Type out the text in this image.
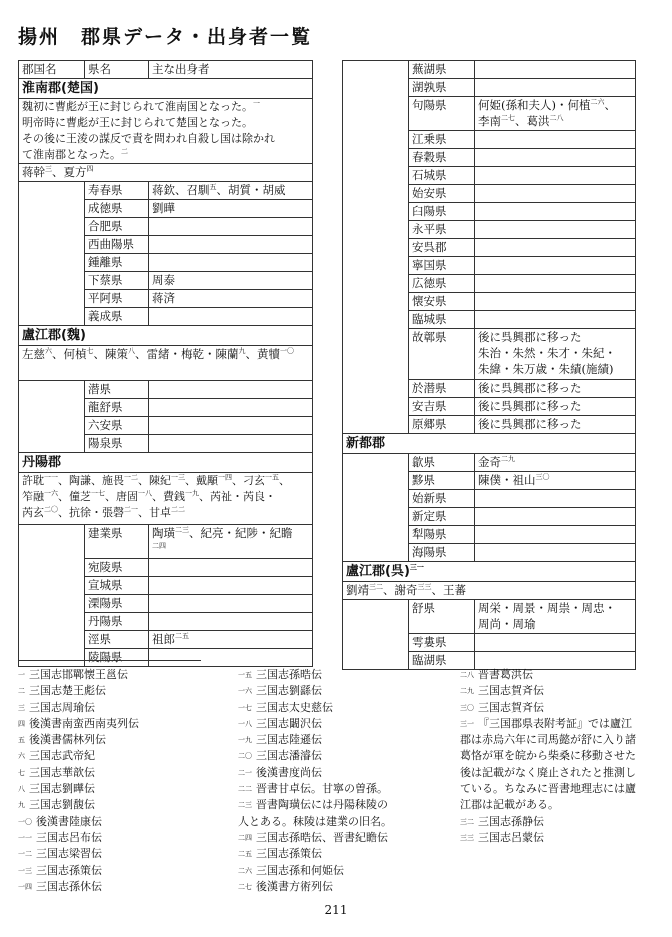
揚州　郡県データ・出身者一覧
郡国名	県名	主な出身者
淮南郡(楚国)		

魏初に曹彪が王に封じられて淮南国となった。$^一$
明帝時に曹彪が王に封じられて楚国となった。
その後に王淩の謀反で責を問われ自殺し国は除かれ
て淮南郡となった。$^二$

蒋幹$^三$、夏方$^四$
	寿春県	蒋欽、召馴$^五$、胡質・胡威
	成徳県	劉曄
	合肥県	
	西曲陽県	
	鍾離県	
	下蔡県	周泰
	平阿県	蒋済
	義成県	
盧江郡(魏)		
左慈$^六$、何楨$^七$、陳策$^八$、雷緒・梅乾・陳蘭$^九$、黄犢$^{一〇}$
	潜県	
	龍舒県	
	六安県	
	陽泉県	
丹陽郡		

許耽$^{一一}$、陶謙、施畏$^{一二}$、陳紀$^{一三}$、戴顒$^{一四}$、刁玄$^{一五}$、
笮融$^{一六}$、僮芝$^{一七}$、唐固$^{一八}$、費銭$^{一九}$、芮祉・芮良・
芮玄$^{二〇}$、抗徐・張磬$^{二一}$、甘卓$^{二二}$

	建業県	陶璜$^{二三}$、紀亮・紀陟・紀瞻
$^{二四}$
	宛陵県	
	宣城県	
	溧陽県	
	丹陽県	
	涇県	祖郎$^{二五}$
	陵陽県	
	蕪湖県	
	湖孰県	
	句陽県	何姫(孫和夫人)・何植$^{二六}$、
李南$^{二七}$、葛洪$^{二八}$
	江乗県	
	春穀県	
	石城県	
	始安県	
	臼陽県	
	永平県	
	安呉郡	
	寧国県	
	広徳県	
	懐安県	
	臨城県	
	故鄣県	後に呉興郡に移った
朱治・朱然・朱才・朱紀・
朱緯・朱万歳・朱績(施績)

	於潜県	後に呉興郡に移った
	安吉県	後に呉興郡に移った
	原郷県	後に呉興郡に移った
新都郡		
	歙県	金奇$^{二九}$
	黟県	陳僕・祖山$^{三〇}$
	始新県	
	新定県	
	犁陽県	
	海陽県	
盧江郡(呉)$^{三一}$
劉靖$^{三二}$、謝奇$^{三三}$、王蕃		
	舒県	周栄・周景・周祟・周忠・
周尚・周瑜

	雩婁県	
	臨湖県	
$^一$ 三国志邯鄲懐王邕伝
$^二$ 三国志楚王彪伝
$^三$ 三国志周瑜伝
$^四$ 後漢書南蛮西南夷列伝
$^五$ 後漢書儒林列伝
$^六$ 三国志武帝紀
$^七$ 三国志華歆伝
$^八$ 三国志劉曄伝
$^九$ 三国志劉馥伝
$^{一〇}$ 後漢書陸康伝
$^{一一}$ 三国志呂布伝
$^{一二}$ 三国志梁習伝
$^{一三}$ 三国志孫策伝
$^{一四}$ 三国志孫休伝
$^{一五}$ 三国志孫晧伝
$^{一六}$ 三国志劉繇伝
$^{一七}$ 三国志太史慈伝
$^{一八}$ 三国志闞沢伝
$^{一九}$ 三国志陸遜伝
$^{二〇}$ 三国志潘濬伝
$^{二一}$ 後漢書度尚伝
$^{二二}$ 晋書甘卓伝。甘寧の曽孫。
$^{二三}$ 晋書陶璜伝には丹陽秣陵の
人とある。秣陵は建業の旧名。
$^{二四}$ 三国志孫晧伝、晋書紀瞻伝
$^{二五}$ 三国志孫策伝
$^{二六}$ 三国志孫和何姫伝
$^{二七}$ 後漢書方術列伝
$^{二八}$ 晋書葛洪伝
$^{二九}$ 三国志賀斉伝
$^{三〇}$ 三国志賀斉伝
$^{三一}$ 『三国郡県表附考証』では廬江郡は赤烏六年に司馬懿が舒に入り諸葛恪が軍を皖から柴桑に移動させた後は記載がなく廃止されたと推測している。ちなみに晋書地理志には廬江郡は記載がある。
$^{三二}$ 三国志孫静伝
$^{三三}$ 三国志呂蒙伝
211
